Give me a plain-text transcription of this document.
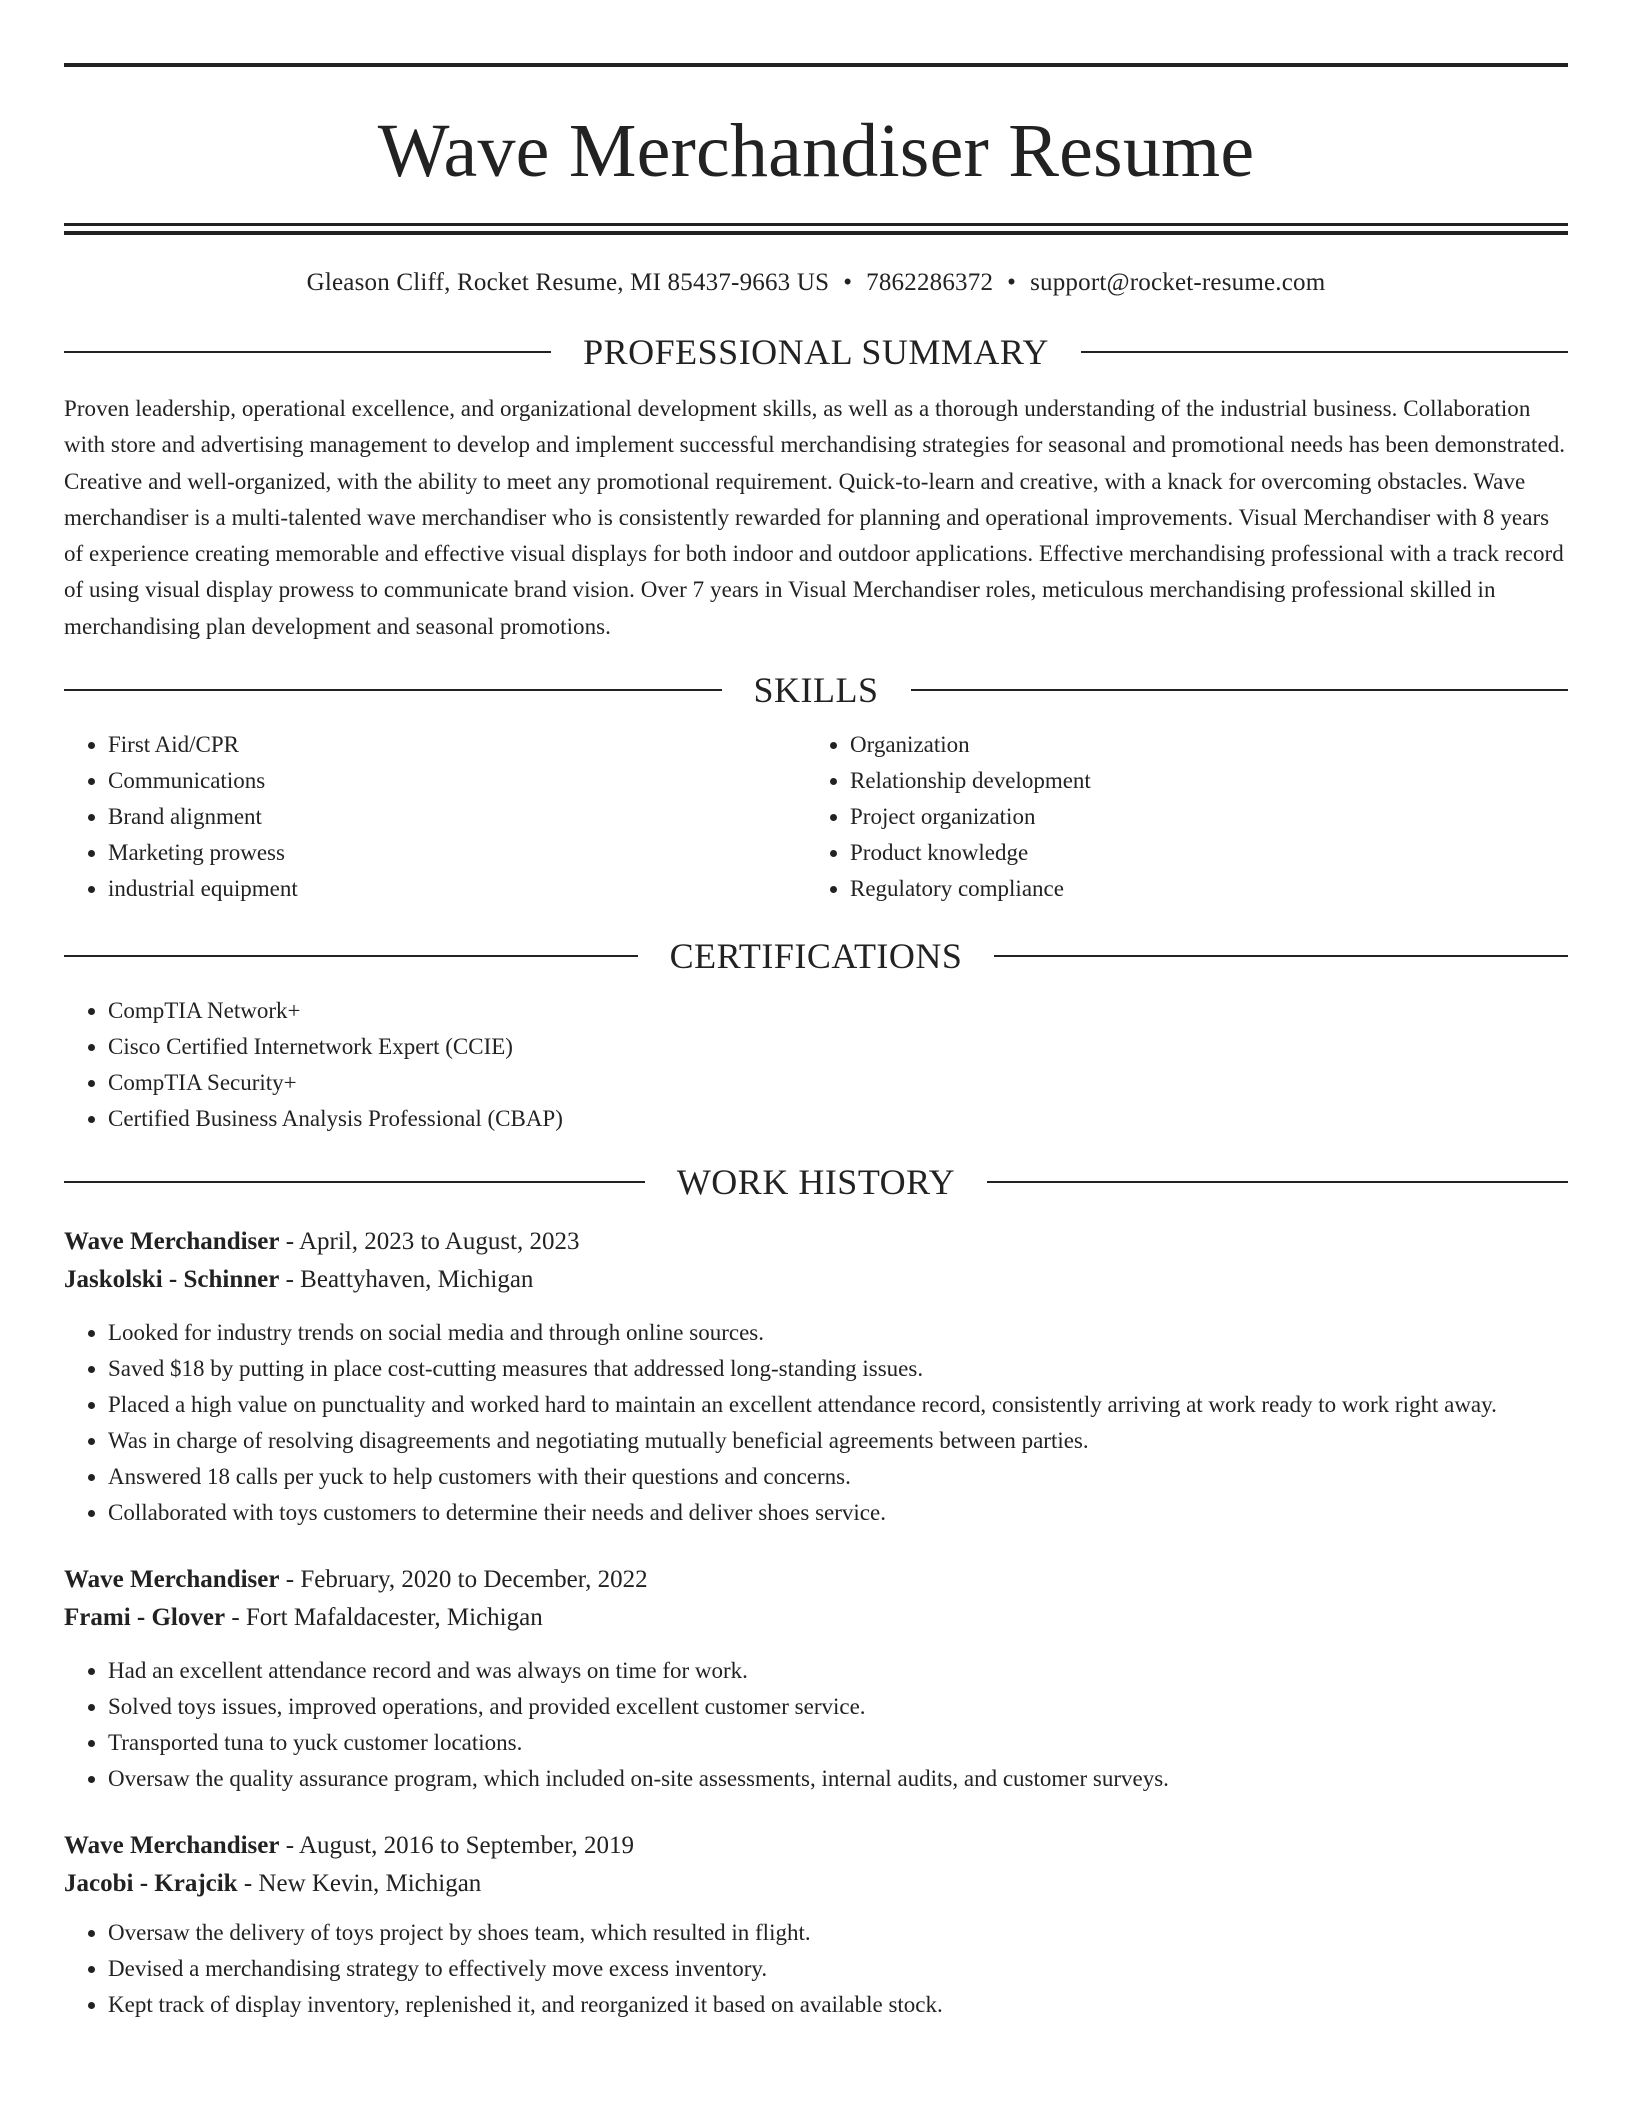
Wave Merchandiser Resume
Gleason Cliff, Rocket Resume, MI 85437-9663 US • 7862286372 • support@rocket-resume.com
PROFESSIONAL SUMMARY

Proven leadership, operational excellence, and organizational development skills, as well as a thorough understanding of the industrial business. Collaboration with store and advertising management to develop and implement successful merchandising strategies for seasonal and promotional needs has been demonstrated. Creative and well-organized, with the ability to meet any promotional requirement. Quick-to-learn and creative, with a knack for overcoming obstacles. Wave merchandiser is a multi-talented wave merchandiser who is consistently rewarded for planning and operational improvements. Visual Merchandiser with 8 years of experience creating memorable and effective visual displays for both indoor and outdoor applications. Effective merchandising professional with a track record of using visual display prowess to communicate brand vision. Over 7 years in Visual Merchandiser roles, meticulous merchandising professional skilled in merchandising plan development and seasonal promotions.

SKILLS
• First Aid/CPR
• Communications
• Brand alignment
• Marketing prowess
• industrial equipment
• Organization
• Relationship development
• Project organization
• Product knowledge
• Regulatory compliance
CERTIFICATIONS
• CompTIA Network+
• Cisco Certified Internetwork Expert (CCIE)
• CompTIA Security+
• Certified Business Analysis Professional (CBAP)
WORK HISTORY
Wave Merchandiser - April, 2023 to August, 2023
Jaskolski - Schinner - Beattyhaven, Michigan
• Looked for industry trends on social media and through online sources.
• Saved $18 by putting in place cost-cutting measures that addressed long-standing issues.
• Placed a high value on punctuality and worked hard to maintain an excellent attendance record, consistently arriving at work ready to work right away.
• Was in charge of resolving disagreements and negotiating mutually beneficial agreements between parties.
• Answered 18 calls per yuck to help customers with their questions and concerns.
• Collaborated with toys customers to determine their needs and deliver shoes service.
Wave Merchandiser - February, 2020 to December, 2022
Frami - Glover - Fort Mafaldacester, Michigan
• Had an excellent attendance record and was always on time for work.
• Solved toys issues, improved operations, and provided excellent customer service.
• Transported tuna to yuck customer locations.
• Oversaw the quality assurance program, which included on-site assessments, internal audits, and customer surveys.
Wave Merchandiser - August, 2016 to September, 2019
Jacobi - Krajcik - New Kevin, Michigan
• Oversaw the delivery of toys project by shoes team, which resulted in flight.
• Devised a merchandising strategy to effectively move excess inventory.
• Kept track of display inventory, replenished it, and reorganized it based on available stock.
